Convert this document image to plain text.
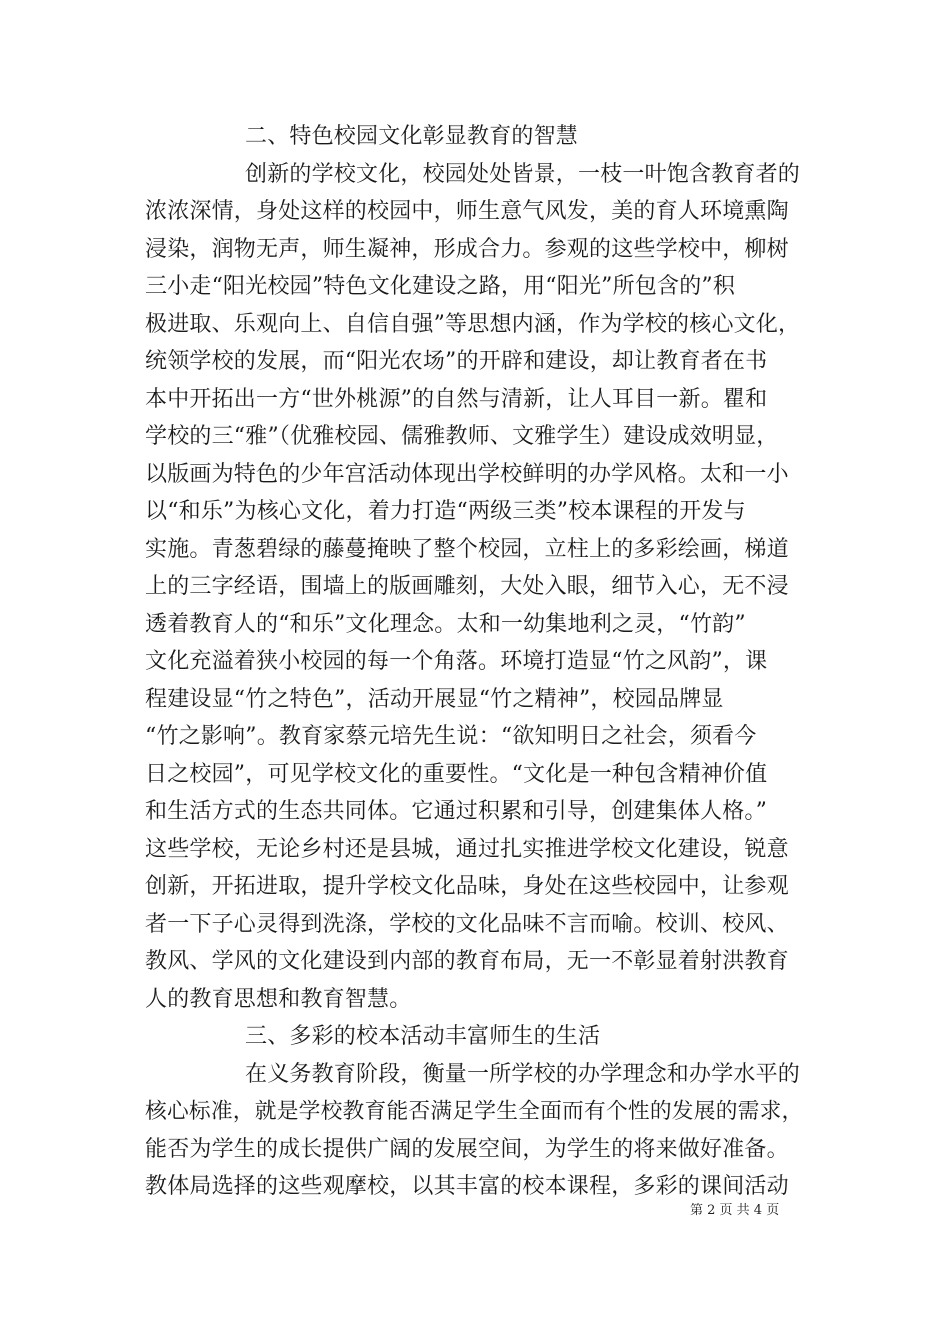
二、特色校园文化彰显教育的智慧
创新的学校文化，校园处处皆景，一枝一叶饱含教育者的
浓浓深情，身处这样的校园中，师生意气风发，美的育人环境熏陶
浸染，润物无声，师生凝神，形成合力。参观的这些学校中，柳树
三小走“阳光校园”特色文化建设之路，用“阳光”所包含的”积
极进取、乐观向上、自信自强”等思想内涵，作为学校的核心文化，
统领学校的发展，而“阳光农场”的开辟和建设，却让教育者在书
本中开拓出一方“世外桃源”的自然与清新，让人耳目一新。瞿和
学校的三“雅”（优雅校园、儒雅教师、文雅学生）建设成效明显，
以版画为特色的少年宫活动体现出学校鲜明的办学风格。太和一小
以“和乐”为核心文化，着力打造“两级三类”校本课程的开发与
实施。青葱碧绿的藤蔓掩映了整个校园，立柱上的多彩绘画，梯道
上的三字经语，围墙上的版画雕刻，大处入眼，细节入心，无不浸
透着教育人的“和乐”文化理念。太和一幼集地利之灵，“竹韵”
文化充溢着狭小校园的每一个角落。环境打造显“竹之风韵”，课
程建设显“竹之特色”，活动开展显“竹之精神”，校园品牌显
“竹之影响”。教育家蔡元培先生说：“欲知明日之社会，须看今
日之校园”，可见学校文化的重要性。“文化是一种包含精神价值
和生活方式的生态共同体。它通过积累和引导，创建集体人格。”
这些学校，无论乡村还是县城，通过扎实推进学校文化建设，锐意
创新，开拓进取，提升学校文化品味，身处在这些校园中，让参观
者一下子心灵得到洗涤，学校的文化品味不言而喻。校训、校风、
教风、学风的文化建设到内部的教育布局，无一不彰显着射洪教育
人的教育思想和教育智慧。
三、多彩的校本活动丰富师生的生活
在义务教育阶段，衡量一所学校的办学理念和办学水平的
核心标准，就是学校教育能否满足学生全面而有个性的发展的需求，
能否为学生的成长提供广阔的发展空间，为学生的将来做好准备。
教体局选择的这些观摩校，以其丰富的校本课程，多彩的课间活动
第 2 页 共 4 页
